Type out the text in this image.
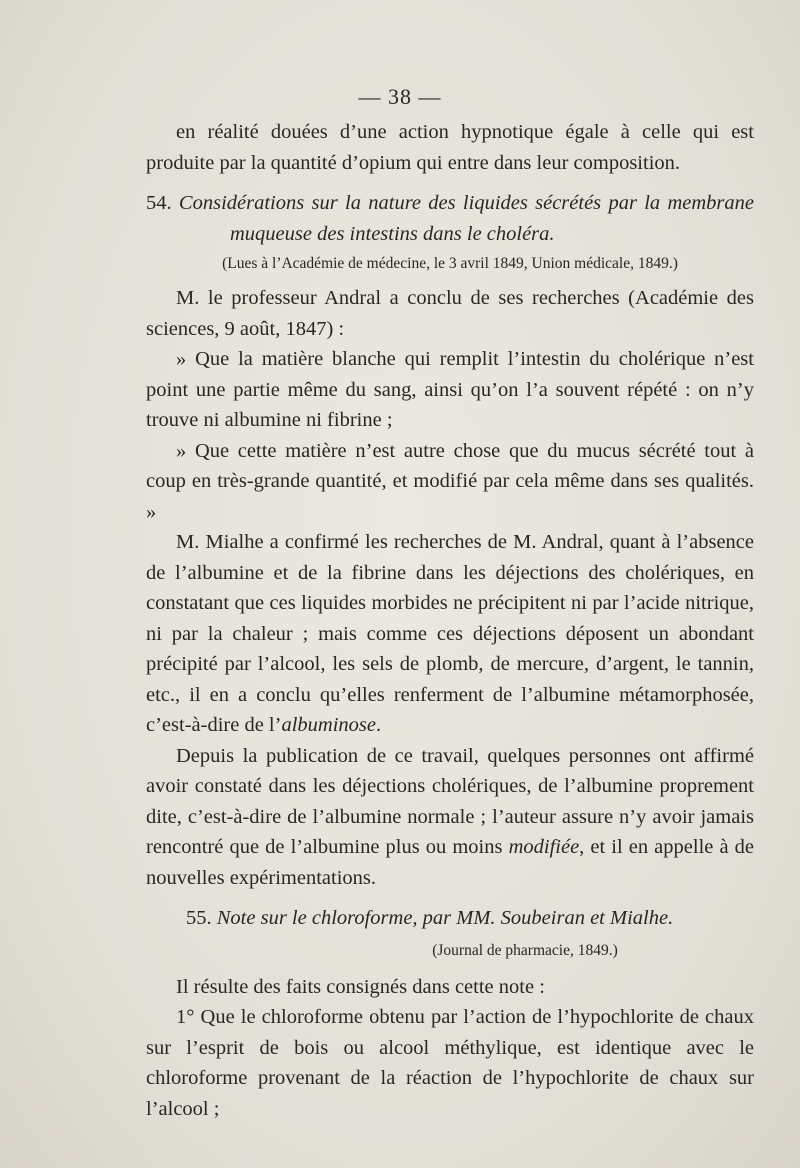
— 38 —

en réalité douées d’une action hypnotique égale à celle qui est produite par la quantité d’opium qui entre dans leur composition.

54. Considérations sur la nature des liquides sécrétés par la membrane muqueuse des intestins dans le choléra.

(Lues à l’Académie de médecine, le 3 avril 1849, Union médicale, 1849.)

M. le professeur Andral a conclu de ses recherches (Académie des sciences, 9 août, 1847) :

» Que la matière blanche qui remplit l’intestin du cholérique n’est point une partie même du sang, ainsi qu’on l’a souvent répété : on n’y trouve ni albumine ni fibrine ;

» Que cette matière n’est autre chose que du mucus sécrété tout à coup en très-grande quantité, et modifié par cela même dans ses qualités. »

M. Mialhe a confirmé les recherches de M. Andral, quant à l’absence de l’albumine et de la fibrine dans les déjections des cholériques, en constatant que ces liquides morbides ne précipitent ni par l’acide nitrique, ni par la chaleur ; mais comme ces déjections déposent un abondant précipité par l’alcool, les sels de plomb, de mercure, d’argent, le tannin, etc., il en a conclu qu’elles renferment de l’albumine métamorphosée, c’est-à-dire de l’albuminose.

Depuis la publication de ce travail, quelques personnes ont affirmé avoir constaté dans les déjections cholériques, de l’albumine proprement dite, c’est-à-dire de l’albumine normale ; l’auteur assure n’y avoir jamais rencontré que de l’albumine plus ou moins modifiée, et il en appelle à de nouvelles expérimentations.

55. Note sur le chloroforme, par MM. Soubeiran et Mialhe.

(Journal de pharmacie, 1849.)

Il résulte des faits consignés dans cette note :

1° Que le chloroforme obtenu par l’action de l’hypochlorite de chaux sur l’esprit de bois ou alcool méthylique, est identique avec le chloroforme provenant de la réaction de l’hypochlorite de chaux sur l’alcool ;
